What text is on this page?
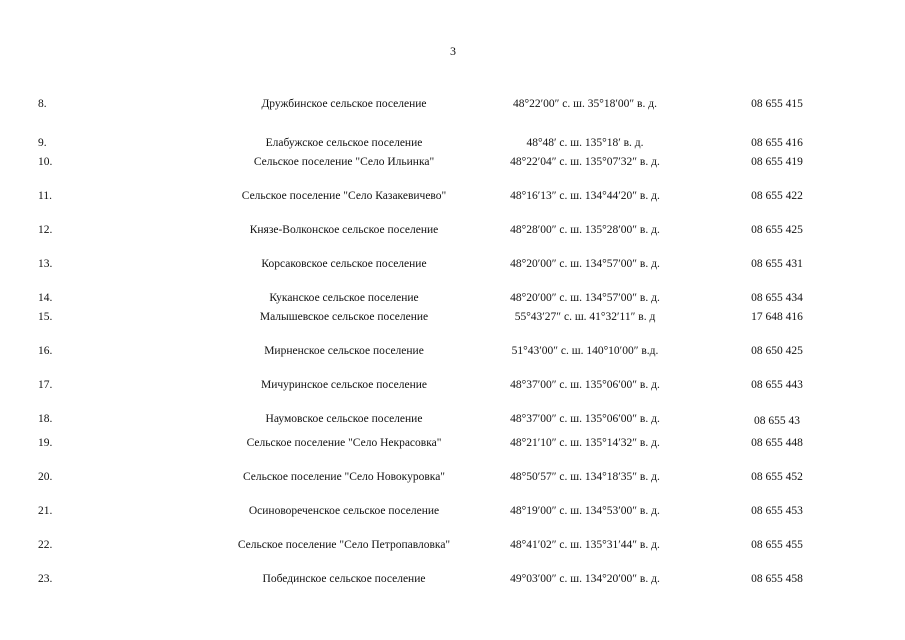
3
8.	Дружбинское сельское поселение	48°22′00″ с. ш. 35°18′00″ в. д.	08 655 415
9.	Елабужское сельское поселение	48°48′ с. ш. 135°18′ в. д.	08 655 416
10.	Сельское поселение "Село Ильинка"	48°22′04″ с. ш. 135°07′32″ в. д.	08 655 419
11.	Сельское поселение "Село Казакевичево"	48°16′13″ с. ш. 134°44′20″ в. д.	08 655 422
12.	Князе-Волконское сельское поселение	48°28′00″ с. ш. 135°28′00″ в. д.	08 655 425
13.	Корсаковское сельское поселение	48°20′00″ с. ш. 134°57′00″ в. д.	08 655 431
14.	Куканское сельское поселение	48°20′00″ с. ш. 134°57′00″ в. д.	08 655 434
15.	Малышевское сельское поселение	55°43′27″ с. ш. 41°32′11″ в. д	17 648 416
16.	Мирненское сельское поселение	51°43′00″ с. ш. 140°10′00″ в.д.	08 650 425
17.	Мичуринское сельское поселение	48°37′00″ с. ш. 135°06′00″ в. д.	08 655 443
18.	Наумовское сельское поселение	48°37′00″ с. ш. 135°06′00″ в. д.	08 655 43
19.	Сельское поселение "Село Некрасовка"	48°21′10″ с. ш. 135°14′32″ в. д.	08 655 448
20.	Сельское поселение "Село Новокуровка"	48°50′57″ с. ш. 134°18′35″ в. д.	08 655 452
21.	Осиновореченское сельское поселение	48°19′00″ с. ш. 134°53′00″ в. д.	08 655 453
22.	Сельское поселение "Село Петропавловка"	48°41′02″ с. ш. 135°31′44″ в. д.	08 655 455
23.	Побединское сельское поселение	49°03′00″ с. ш. 134°20′00″ в. д.	08 655 458
